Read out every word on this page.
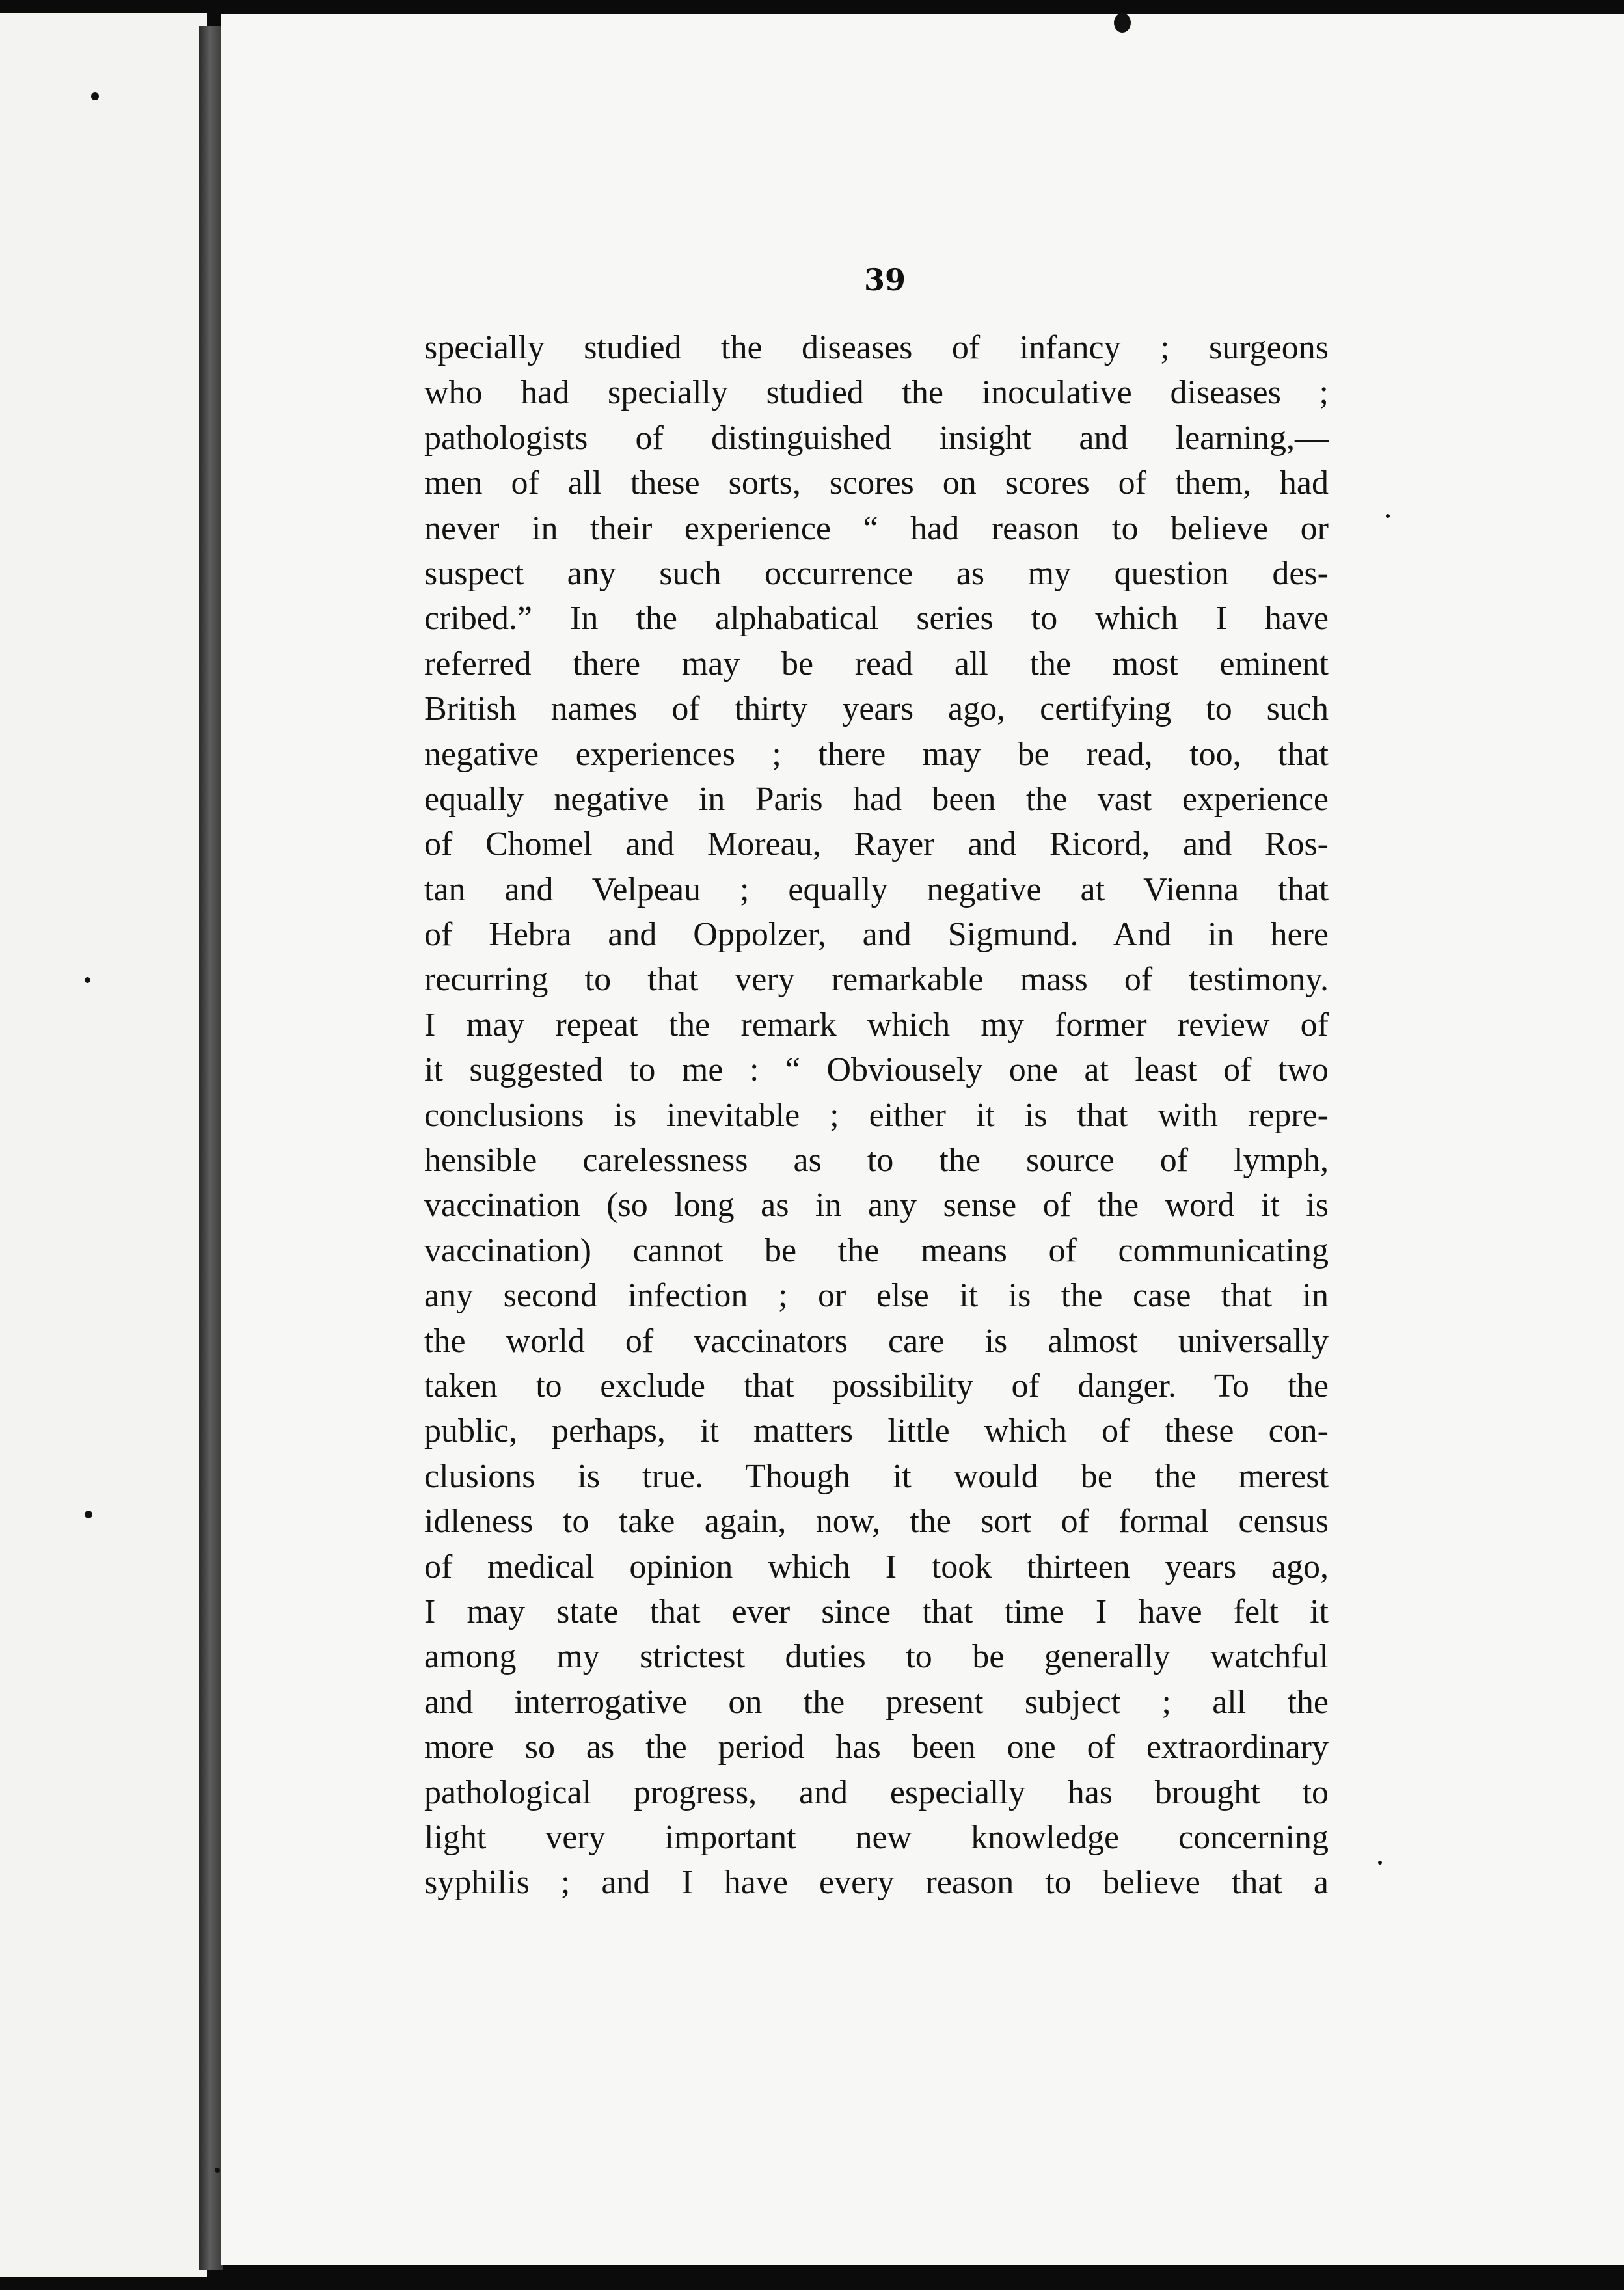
39
specially studied the diseases of infancy ; surgeons
who had specially studied the inoculative diseases ;
pathologists of distinguished insight and learning,—
men of all these sorts, scores on scores of them, had
never in their experience “ had reason to believe or
suspect any such occurrence as my question des-
cribed.” In the alphabatical series to which I have
referred there may be read all the most eminent
British names of thirty years ago, certifying to such
negative experiences ; there may be read, too, that
equally negative in Paris had been the vast experience
of Chomel and Moreau, Rayer and Ricord, and Ros-
tan and Velpeau ; equally negative at Vienna that
of Hebra and Oppolzer, and Sigmund. And in here
recurring to that very remarkable mass of testimony.
I may repeat the remark which my former review of
it suggested to me : “ Obviousely one at least of two
conclusions is inevitable ; either it is that with repre-
hensible carelessness as to the source of lymph,
vaccination (so long as in any sense of the word it is
vaccination) cannot be the means of communicating
any second infection ; or else it is the case that in
the world of vaccinators care is almost universally
taken to exclude that possibility of danger. To the
public, perhaps, it matters little which of these con-
clusions is true. Though it would be the merest
idleness to take again, now, the sort of formal census
of medical opinion which I took thirteen years ago,
I may state that ever since that time I have felt it
among my strictest duties to be generally watchful
and interrogative on the present subject ; all the
more so as the period has been one of extraordinary
pathological progress, and especially has brought to
light very important new knowledge concerning
syphilis ; and I have every reason to believe that a
